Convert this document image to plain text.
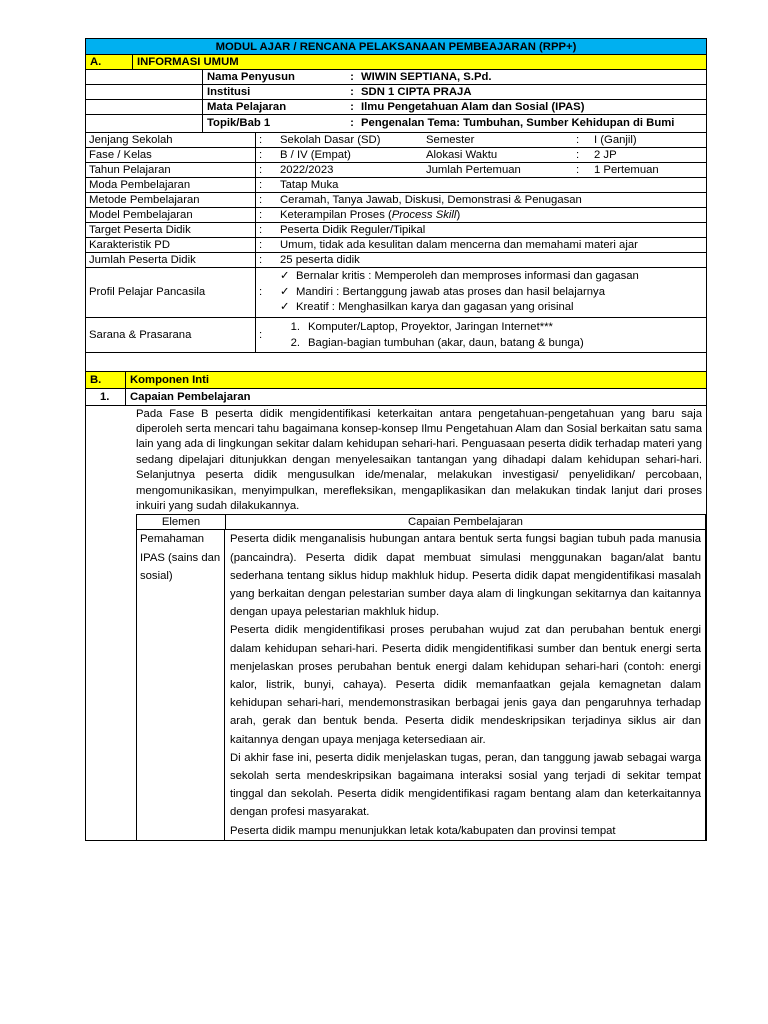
MODUL AJAR / RENCANA PELAKSANAAN PEMBEAJARAN (RPP+)
A.	INFORMASI UMUM
Nama Penyusun	: WIWIN SEPTIANA, S.Pd.
Institusi	: SDN 1 CIPTA PRAJA
Mata Pelajaran	: Ilmu Pengetahuan Alam dan Sosial (IPAS)
Topik/Bab 1	: Pengenalan Tema: Tumbuhan, Sumber Kehidupan di Bumi
Jenjang Sekolah	:	Sekolah Dasar (SD)	Semester	:	I (Ganjil)
Fase / Kelas	:	B / IV (Empat)	Alokasi Waktu	:	2 JP
Tahun Pelajaran	:	2022/2023	Jumlah Pertemuan	:	1 Pertemuan
Moda Pembelajaran	:	Tatap Muka
Metode Pembelajaran	:	Ceramah, Tanya Jawab, Diskusi, Demonstrasi & Penugasan
Model Pembelajaran	:	Keterampilan Proses (Process Skill)
Target Peserta Didik	:	Peserta Didik Reguler/Tipikal
Karakteristik PD	:	Umum, tidak ada kesulitan dalam mencerna dan memahami materi ajar
Jumlah Peserta Didik	:	25 peserta didik
Profil Pelajar Pancasila	:
✓ Bernalar kritis : Memperoleh dan memproses informasi dan gagasan
✓ Mandiri : Bertanggung jawab atas proses dan hasil belajarnya
✓ Kreatif : Menghasilkan karya dan gagasan yang orisinal
Sarana & Prasarana	:
1. Komputer/Laptop, Proyektor, Jaringan Internet***
2. Bagian-bagian tumbuhan (akar, daun, batang & bunga)
B.	Komponen Inti
1.	Capaian Pembelajaran
Pada Fase B peserta didik mengidentifikasi keterkaitan antara pengetahuan-pengetahuan yang baru saja diperoleh serta mencari tahu bagaimana konsep-konsep Ilmu Pengetahuan Alam dan Sosial berkaitan satu sama lain yang ada di lingkungan sekitar dalam kehidupan sehari-hari. Penguasaan peserta didik terhadap materi yang sedang dipelajari ditunjukkan dengan menyelesaikan tantangan yang dihadapi dalam kehidupan sehari-hari. Selanjutnya peserta didik mengusulkan ide/menalar, melakukan investigasi/ penyelidikan/ percobaan, mengomunikasikan, menyimpulkan, merefleksikan, mengaplikasikan dan melakukan tindak lanjut dari proses inkuiri yang sudah dilakukannya.
Elemen	Capaian Pembelajaran
Pemahaman IPAS (sains dan sosial)

Peserta didik menganalisis hubungan antara bentuk serta fungsi bagian tubuh pada manusia (pancaindra). Peserta didik dapat membuat simulasi menggunakan bagan/alat bantu sederhana tentang siklus hidup makhluk hidup. Peserta didik dapat mengidentifikasi masalah yang berkaitan dengan pelestarian sumber daya alam di lingkungan sekitarnya dan kaitannya dengan upaya pelestarian makhluk hidup.

Peserta didik mengidentifikasi proses perubahan wujud zat dan perubahan bentuk energi dalam kehidupan sehari-hari. Peserta didik mengidentifikasi sumber dan bentuk energi serta menjelaskan proses perubahan bentuk energi dalam kehidupan sehari-hari (contoh: energi kalor, listrik, bunyi, cahaya). Peserta didik memanfaatkan gejala kemagnetan dalam kehidupan sehari-hari, mendemonstrasikan berbagai jenis gaya dan pengaruhnya terhadap arah, gerak dan bentuk benda. Peserta didik mendeskripsikan terjadinya siklus air dan kaitannya dengan upaya menjaga ketersediaan air.

Di akhir fase ini, peserta didik menjelaskan tugas, peran, dan tanggung jawab sebagai warga sekolah serta mendeskripsikan bagaimana interaksi sosial yang terjadi di sekitar tempat tinggal dan sekolah. Peserta didik mengidentifikasi ragam bentang alam dan keterkaitannya dengan profesi masyarakat.

Peserta didik mampu menunjukkan letak kota/kabupaten dan provinsi tempat
